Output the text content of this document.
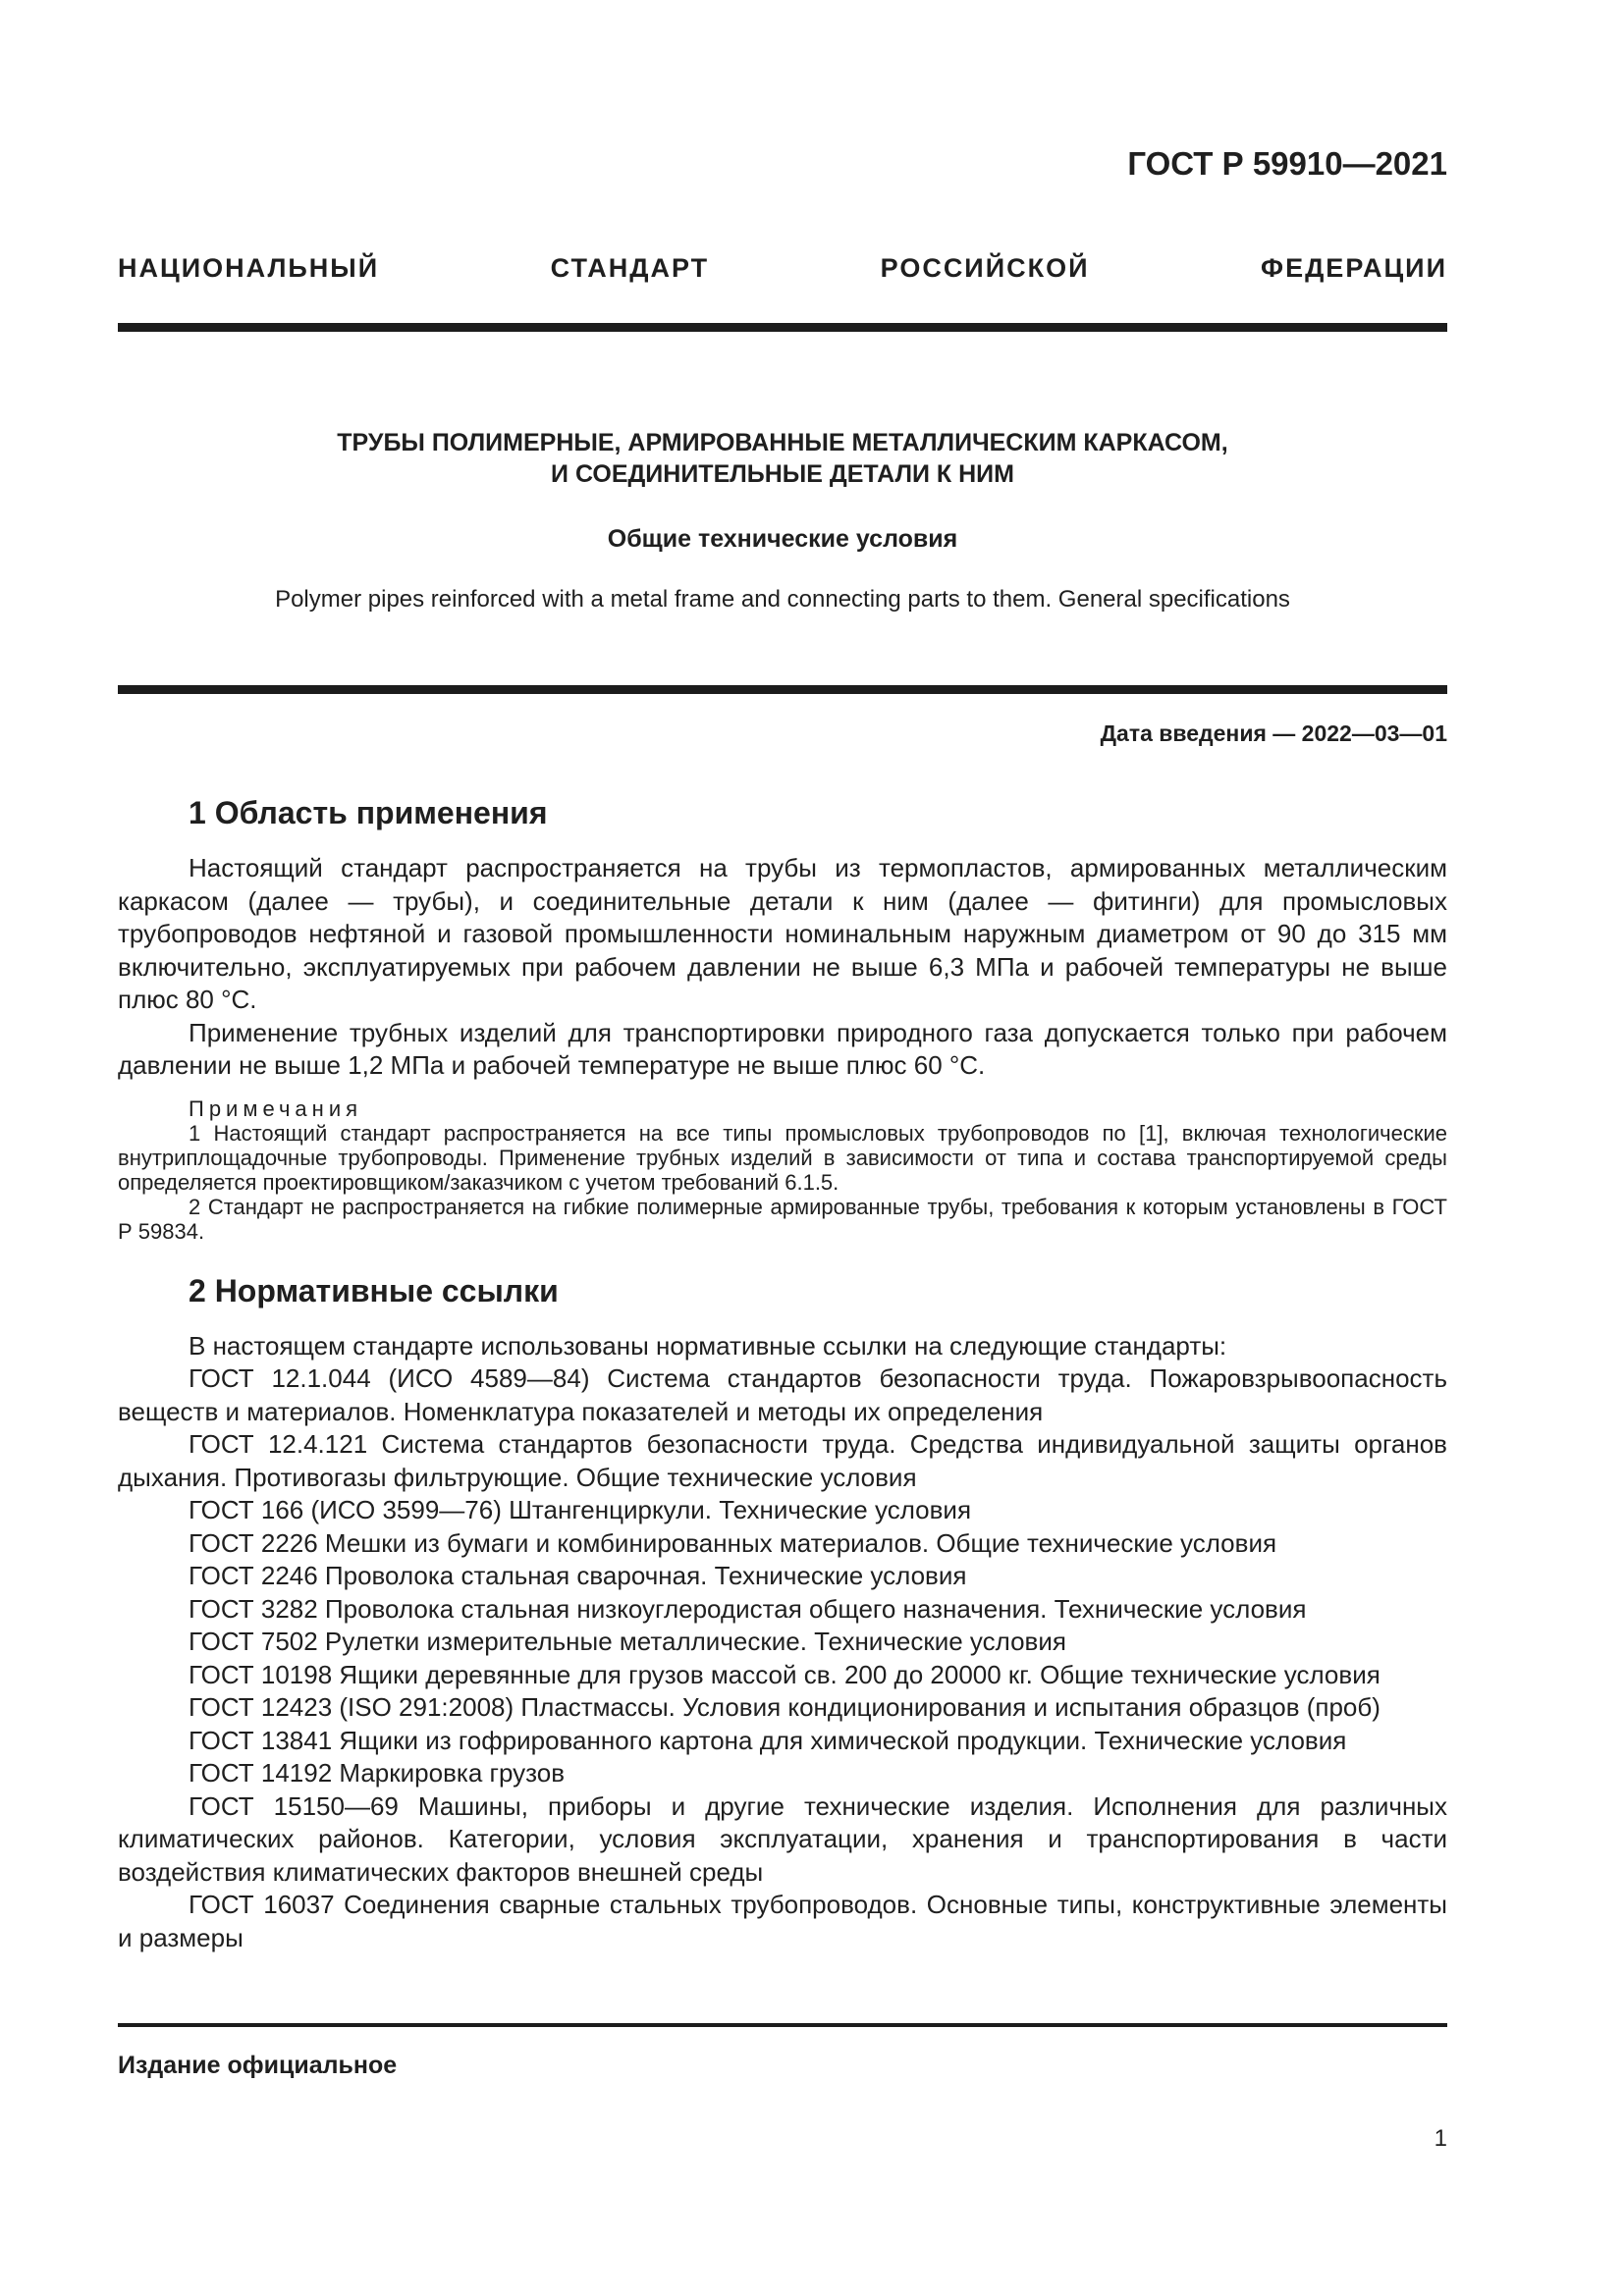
ГОСТ Р 59910—2021
НАЦИОНАЛЬНЫЙ СТАНДАРТ РОССИЙСКОЙ ФЕДЕРАЦИИ
ТРУБЫ ПОЛИМЕРНЫЕ, АРМИРОВАННЫЕ МЕТАЛЛИЧЕСКИМ КАРКАСОМ,
И СОЕДИНИТЕЛЬНЫЕ ДЕТАЛИ К НИМ
Общие технические условия
Polymer pipes reinforced with a metal frame and connecting parts to them. General specifications
Дата введения — 2022—03—01
1 Область применения

Настоящий стандарт распространяется на трубы из термопластов, армированных металлическим каркасом (далее — трубы), и соединительные детали к ним (далее — фитинги) для промысловых трубопроводов нефтяной и газовой промышленности номинальным наружным диаметром от 90 до 315 мм включительно, эксплуатируемых при рабочем давлении не выше 6,3 МПа и рабочей температуры не выше плюс 80 °С.

Применение трубных изделий для транспортировки природного газа допускается только при рабочем давлении не выше 1,2 МПа и рабочей температуре не выше плюс 60 °С.

Примечания

1 Настоящий стандарт распространяется на все типы промысловых трубопроводов по [1], включая технологические внутриплощадочные трубопроводы. Применение трубных изделий в зависимости от типа и состава транспортируемой среды определяется проектировщиком/заказчиком с учетом требований 6.1.5.

2 Стандарт не распространяется на гибкие полимерные армированные трубы, требования к которым установлены в ГОСТ Р 59834.

2 Нормативные ссылки

В настоящем стандарте использованы нормативные ссылки на следующие стандарты:

ГОСТ 12.1.044 (ИСО 4589—84) Система стандартов безопасности труда. Пожаровзрывоопасность веществ и материалов. Номенклатура показателей и методы их определения

ГОСТ 12.4.121 Система стандартов безопасности труда. Средства индивидуальной защиты органов дыхания. Противогазы фильтрующие. Общие технические условия

ГОСТ 166 (ИСО 3599—76) Штангенциркули. Технические условия

ГОСТ 2226 Мешки из бумаги и комбинированных материалов. Общие технические условия

ГОСТ 2246 Проволока стальная сварочная. Технические условия

ГОСТ 3282 Проволока стальная низкоуглеродистая общего назначения. Технические условия

ГОСТ 7502 Рулетки измерительные металлические. Технические условия

ГОСТ 10198 Ящики деревянные для грузов массой св. 200 до 20000 кг. Общие технические условия

ГОСТ 12423 (ISO 291:2008) Пластмассы. Условия кондиционирования и испытания образцов (проб)

ГОСТ 13841 Ящики из гофрированного картона для химической продукции. Технические условия

ГОСТ 14192 Маркировка грузов

ГОСТ 15150—69 Машины, приборы и другие технические изделия. Исполнения для различных климатических районов. Категории, условия эксплуатации, хранения и транспортирования в части воздействия климатических факторов внешней среды

ГОСТ 16037 Соединения сварные стальных трубопроводов. Основные типы, конструктивные элементы и размеры

Издание официальное
1
